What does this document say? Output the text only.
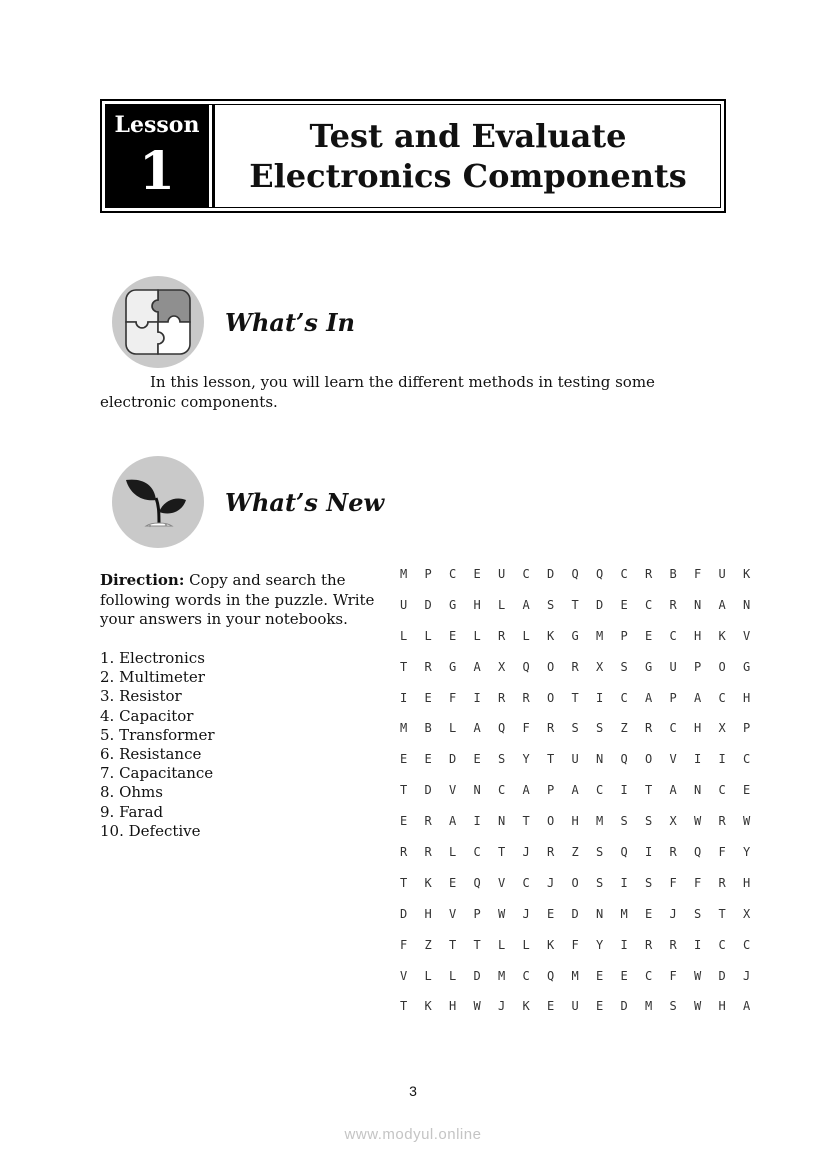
Lesson
1
Test and Evaluate
Electronics Components
What’s In
In this lesson, you will learn the different methods in testing some electronic components.
What’s New
Direction: Copy and search the following words in the puzzle. Write your answers in your notebooks.
1. Electronics
2. Multimeter
3. Resistor
4. Capacitor
5. Transformer
6. Resistance
7. Capacitance
8. Ohms
9. Farad
10. Defective
M	P	C	E	U	C	D	Q	Q	C	R	B	F	U	K
U	D	G	H	L	A	S	T	D	E	C	R	N	A	N
L	L	E	L	R	L	K	G	M	P	E	C	H	K	V
T	R	G	A	X	Q	O	R	X	S	G	U	P	O	G
I	E	F	I	R	R	O	T	I	C	A	P	A	C	H
M	B	L	A	Q	F	R	S	S	Z	R	C	H	X	P
E	E	D	E	S	Y	T	U	N	Q	O	V	I	I	C
T	D	V	N	C	A	P	A	C	I	T	A	N	C	E
E	R	A	I	N	T	O	H	M	S	S	X	W	R	W
R	R	L	C	T	J	R	Z	S	Q	I	R	Q	F	Y
T	K	E	Q	V	C	J	O	S	I	S	F	F	R	H
D	H	V	P	W	J	E	D	N	M	E	J	S	T	X
F	Z	T	T	L	L	K	F	Y	I	R	R	I	C	C
V	L	L	D	M	C	Q	M	E	E	C	F	W	D	J
T	K	H	W	J	K	E	U	E	D	M	S	W	H	A
3
www.modyul.online
